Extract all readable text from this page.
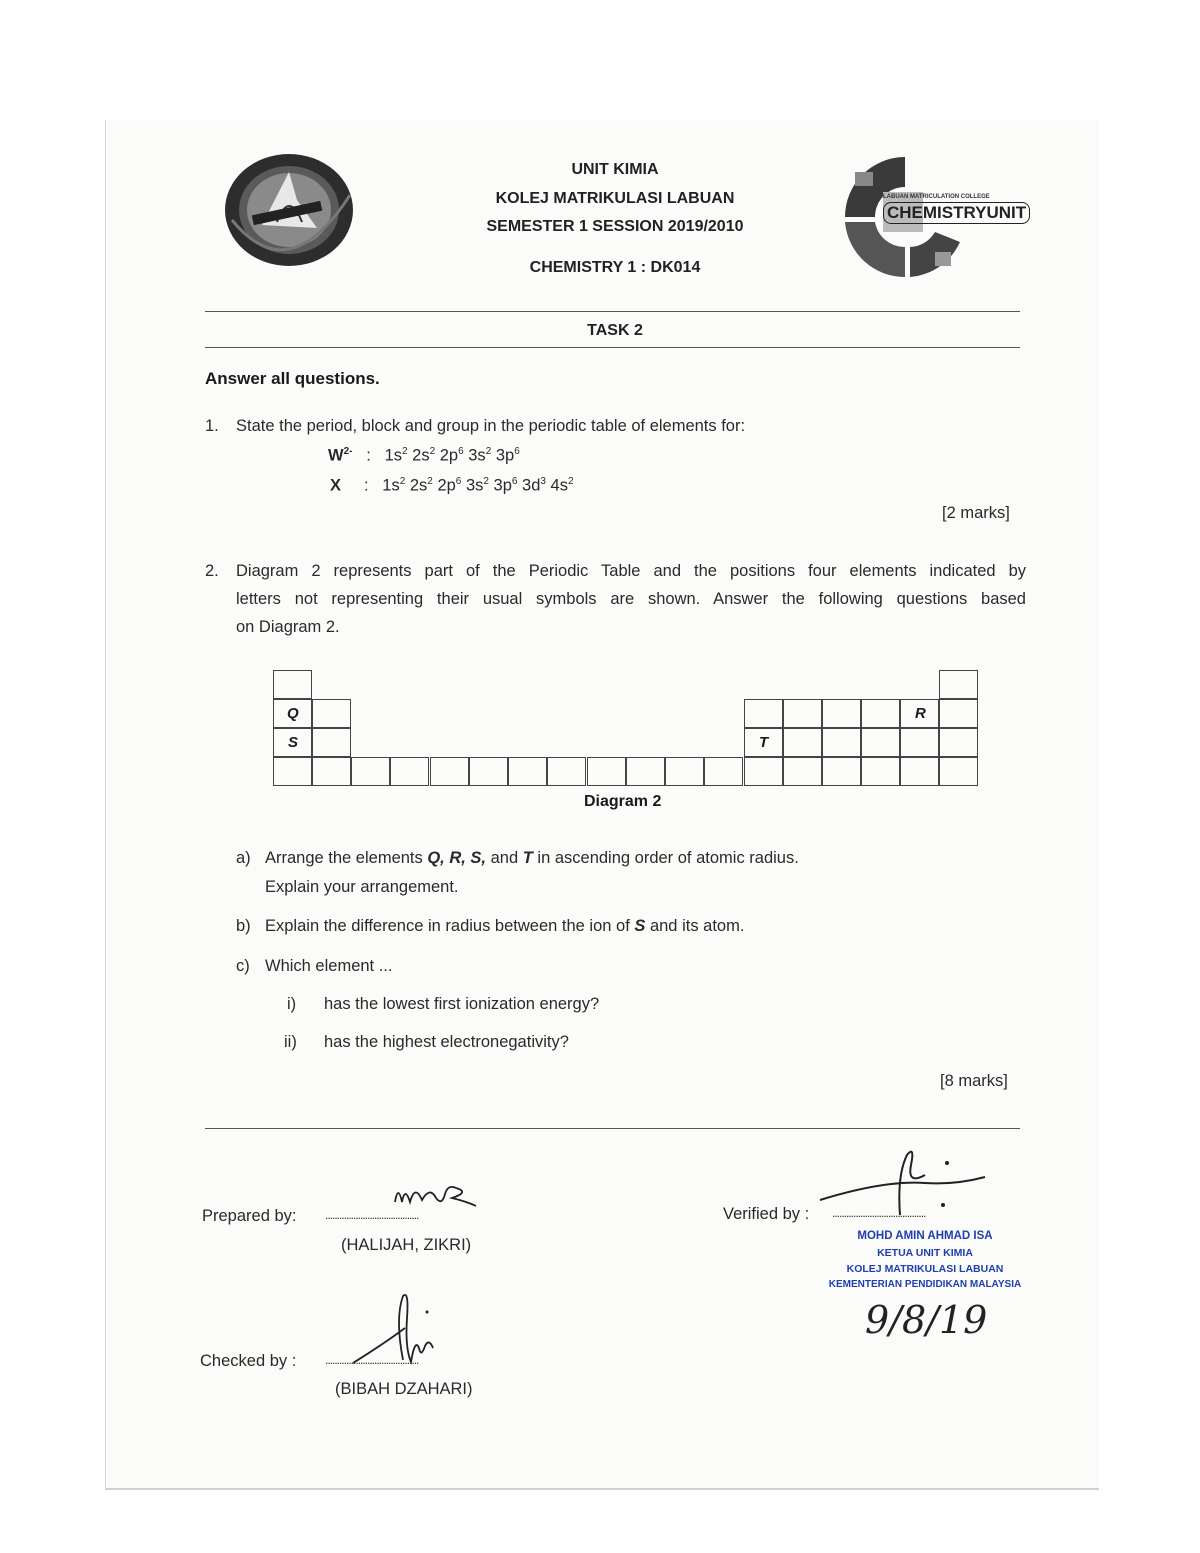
LABUAN MATRICULATION COLLEGE
CHEMISTRYUNIT
UNIT KIMIA
KOLEJ MATRIKULASI LABUAN
SEMESTER 1 SESSION 2019/2010
CHEMISTRY 1 : DK014
TASK 2
Answer all questions.
1. State the period, block and group in the periodic table of elements for:
$W^{2-}$ :   $1s^2$ $2s^2$ $2p^6$ $3s^2$ $3p^6$
X :   $1s^2$ $2s^2$ $2p^6$ $3s^2$ $3p^6$ $3d^3$ $4s^2$
[2 marks]
2. Diagram 2 represents part of the Periodic Table and the positions four elements indicated by
letters not representing their usual symbols are shown. Answer the following questions based
on Diagram 2.
Q	R
S	T
Diagram 2
a) Arrange the elements Q, R, S, and T in ascending order of atomic radius.
Explain your arrangement.
b) Explain the difference in radius between the ion of S and its atom.
c) Which element ...
i) has the lowest first ionization energy?
ii) has the highest electronegativity?
[8 marks]
Prepared by: ........................................
(HALIJAH, ZIKRI)
Checked by : ........................................
(BIBAH DZAHARI)
Verified by : ........................................
MOHD AMIN AHMAD ISA
KETUA UNIT KIMIA
KOLEJ MATRIKULASI LABUAN
KEMENTERIAN PENDIDIKAN MALAYSIA
9/8/19
